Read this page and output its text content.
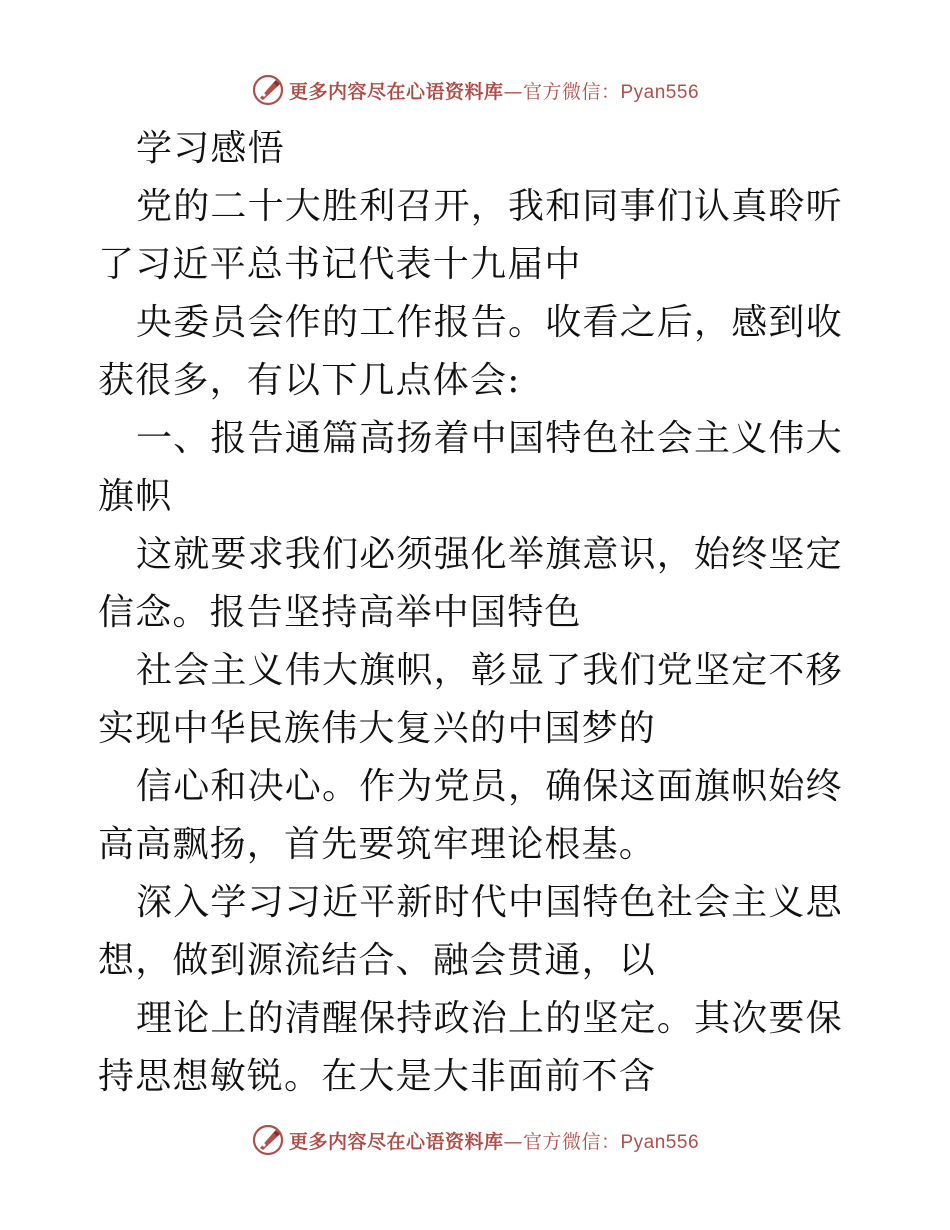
更多内容尽在心语资料库—官方微信：Pyan556

学习感悟

党的二十大胜利召开，我和同事们认真聆听了习近平总书记代表十九届中

央委员会作的工作报告。收看之后，感到收获很多，有以下几点体会:

一、报告通篇高扬着中国特色社会主义伟大旗帜

这就要求我们必须强化举旗意识，始终坚定信念。报告坚持高举中国特色

社会主义伟大旗帜，彰显了我们党坚定不移实现中华民族伟大复兴的中国梦的

信心和决心。作为党员，确保这面旗帜始终高高飘扬，首先要筑牢理论根基。

深入学习习近平新时代中国特色社会主义思想，做到源流结合、融会贯通，以

理论上的清醒保持政治上的坚定。其次要保持思想敏锐。在大是大非面前不含

更多内容尽在心语资料库—官方微信：Pyan556
